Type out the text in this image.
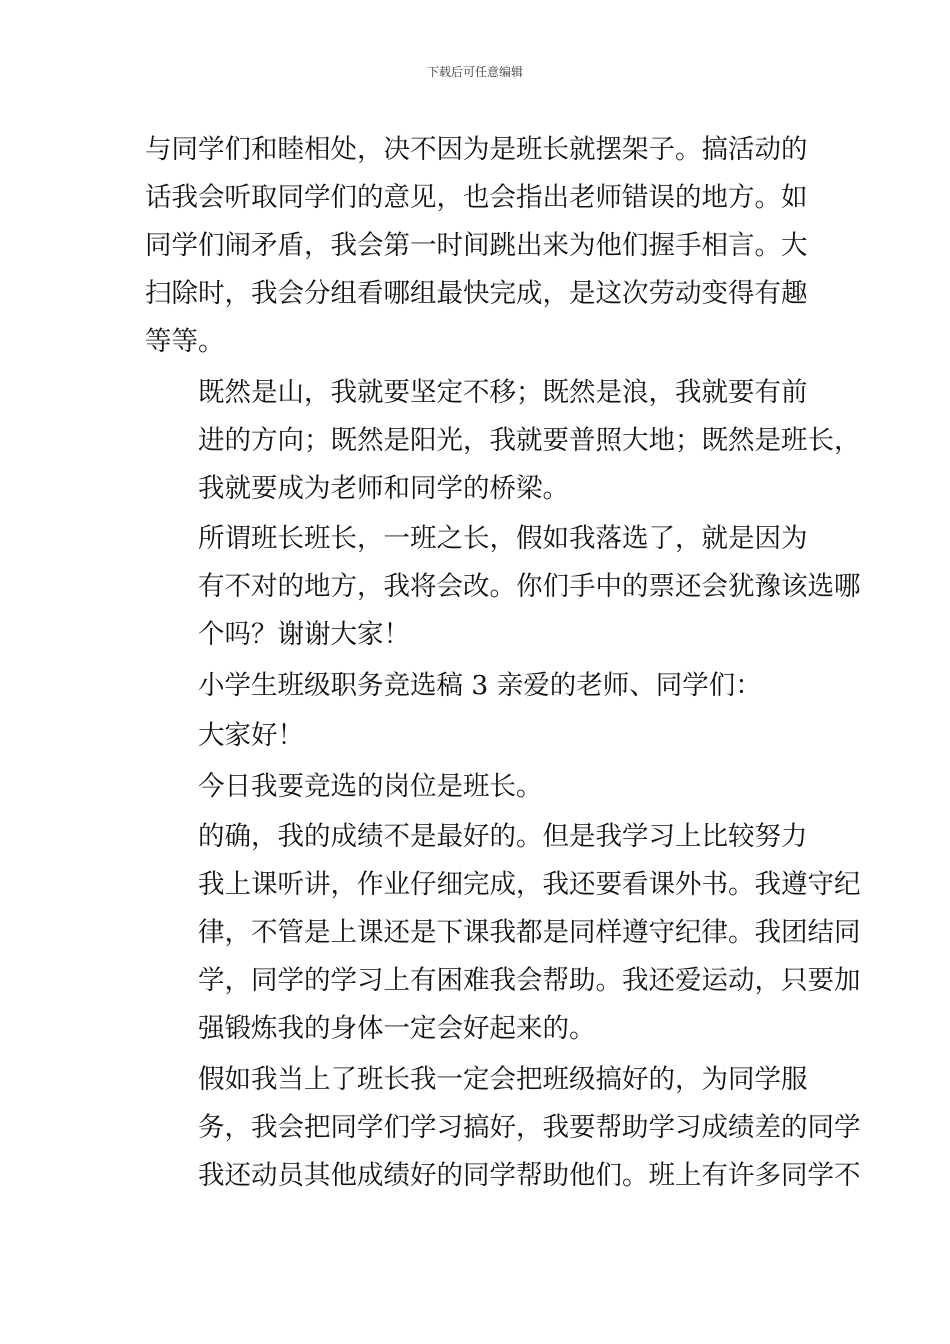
下载后可任意编辑
与同学们和睦相处，决不因为是班长就摆架子。搞活动的
话我会听取同学们的意见，也会指出老师错误的地方。如
同学们闹矛盾，我会第一时间跳出来为他们握手相言。大
扫除时，我会分组看哪组最快完成，是这次劳动变得有趣
等等。
既然是山，我就要坚定不移；既然是浪，我就要有前
进的方向；既然是阳光，我就要普照大地；既然是班长，
我就要成为老师和同学的桥梁。
所谓班长班长，一班之长，假如我落选了，就是因为
有不对的地方，我将会改。你们手中的票还会犹豫该选哪
个吗？谢谢大家！
小学生班级职务竞选稿 3 亲爱的老师、同学们：
大家好！
今日我要竞选的岗位是班长。
的确，我的成绩不是最好的。但是我学习上比较努力
我上课听讲，作业仔细完成，我还要看课外书。我遵守纪
律，不管是上课还是下课我都是同样遵守纪律。我团结同
学，同学的学习上有困难我会帮助。我还爱运动，只要加
强锻炼我的身体一定会好起来的。
假如我当上了班长我一定会把班级搞好的，为同学服
务，我会把同学们学习搞好，我要帮助学习成绩差的同学
我还动员其他成绩好的同学帮助他们。班上有许多同学不
